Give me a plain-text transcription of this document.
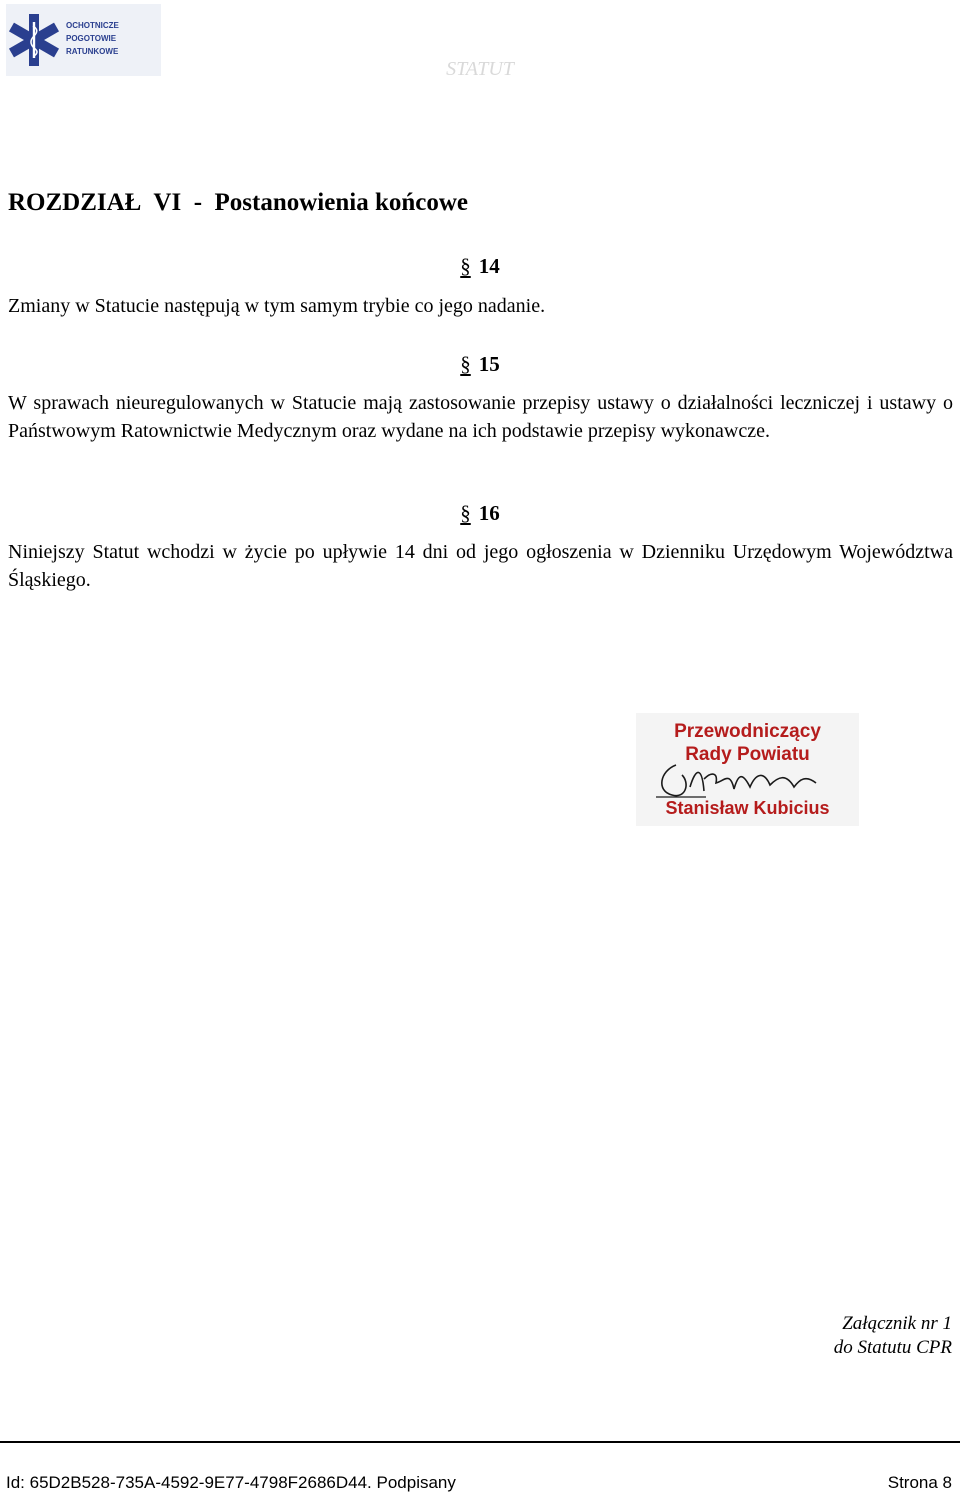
OCHOTNICZE
POGOTOWIE
RATUNKOWE
STATUT
ROZDZIAŁ  VI  -  Postanowienia końcowe
§ 14
Zmiany w Statucie następują w tym samym trybie co jego nadanie.
§ 15
W sprawach nieuregulowanych w Statucie mają zastosowanie przepisy ustawy o działalności leczniczej i ustawy o Państwowym Ratownictwie Medycznym oraz wydane na ich podstawie przepisy wykonawcze.
§ 16
Niniejszy Statut wchodzi w życie po upływie 14 dni od jego ogłoszenia w Dzienniku Urzędowym Województwa Śląskiego.
Przewodniczący
Rady Powiatu
Stanisław Kubicius
Załącznik nr 1
do Statutu CPR
Id: 65D2B528-735A-4592-9E77-4798F2686D44. Podpisany	Strona 8
